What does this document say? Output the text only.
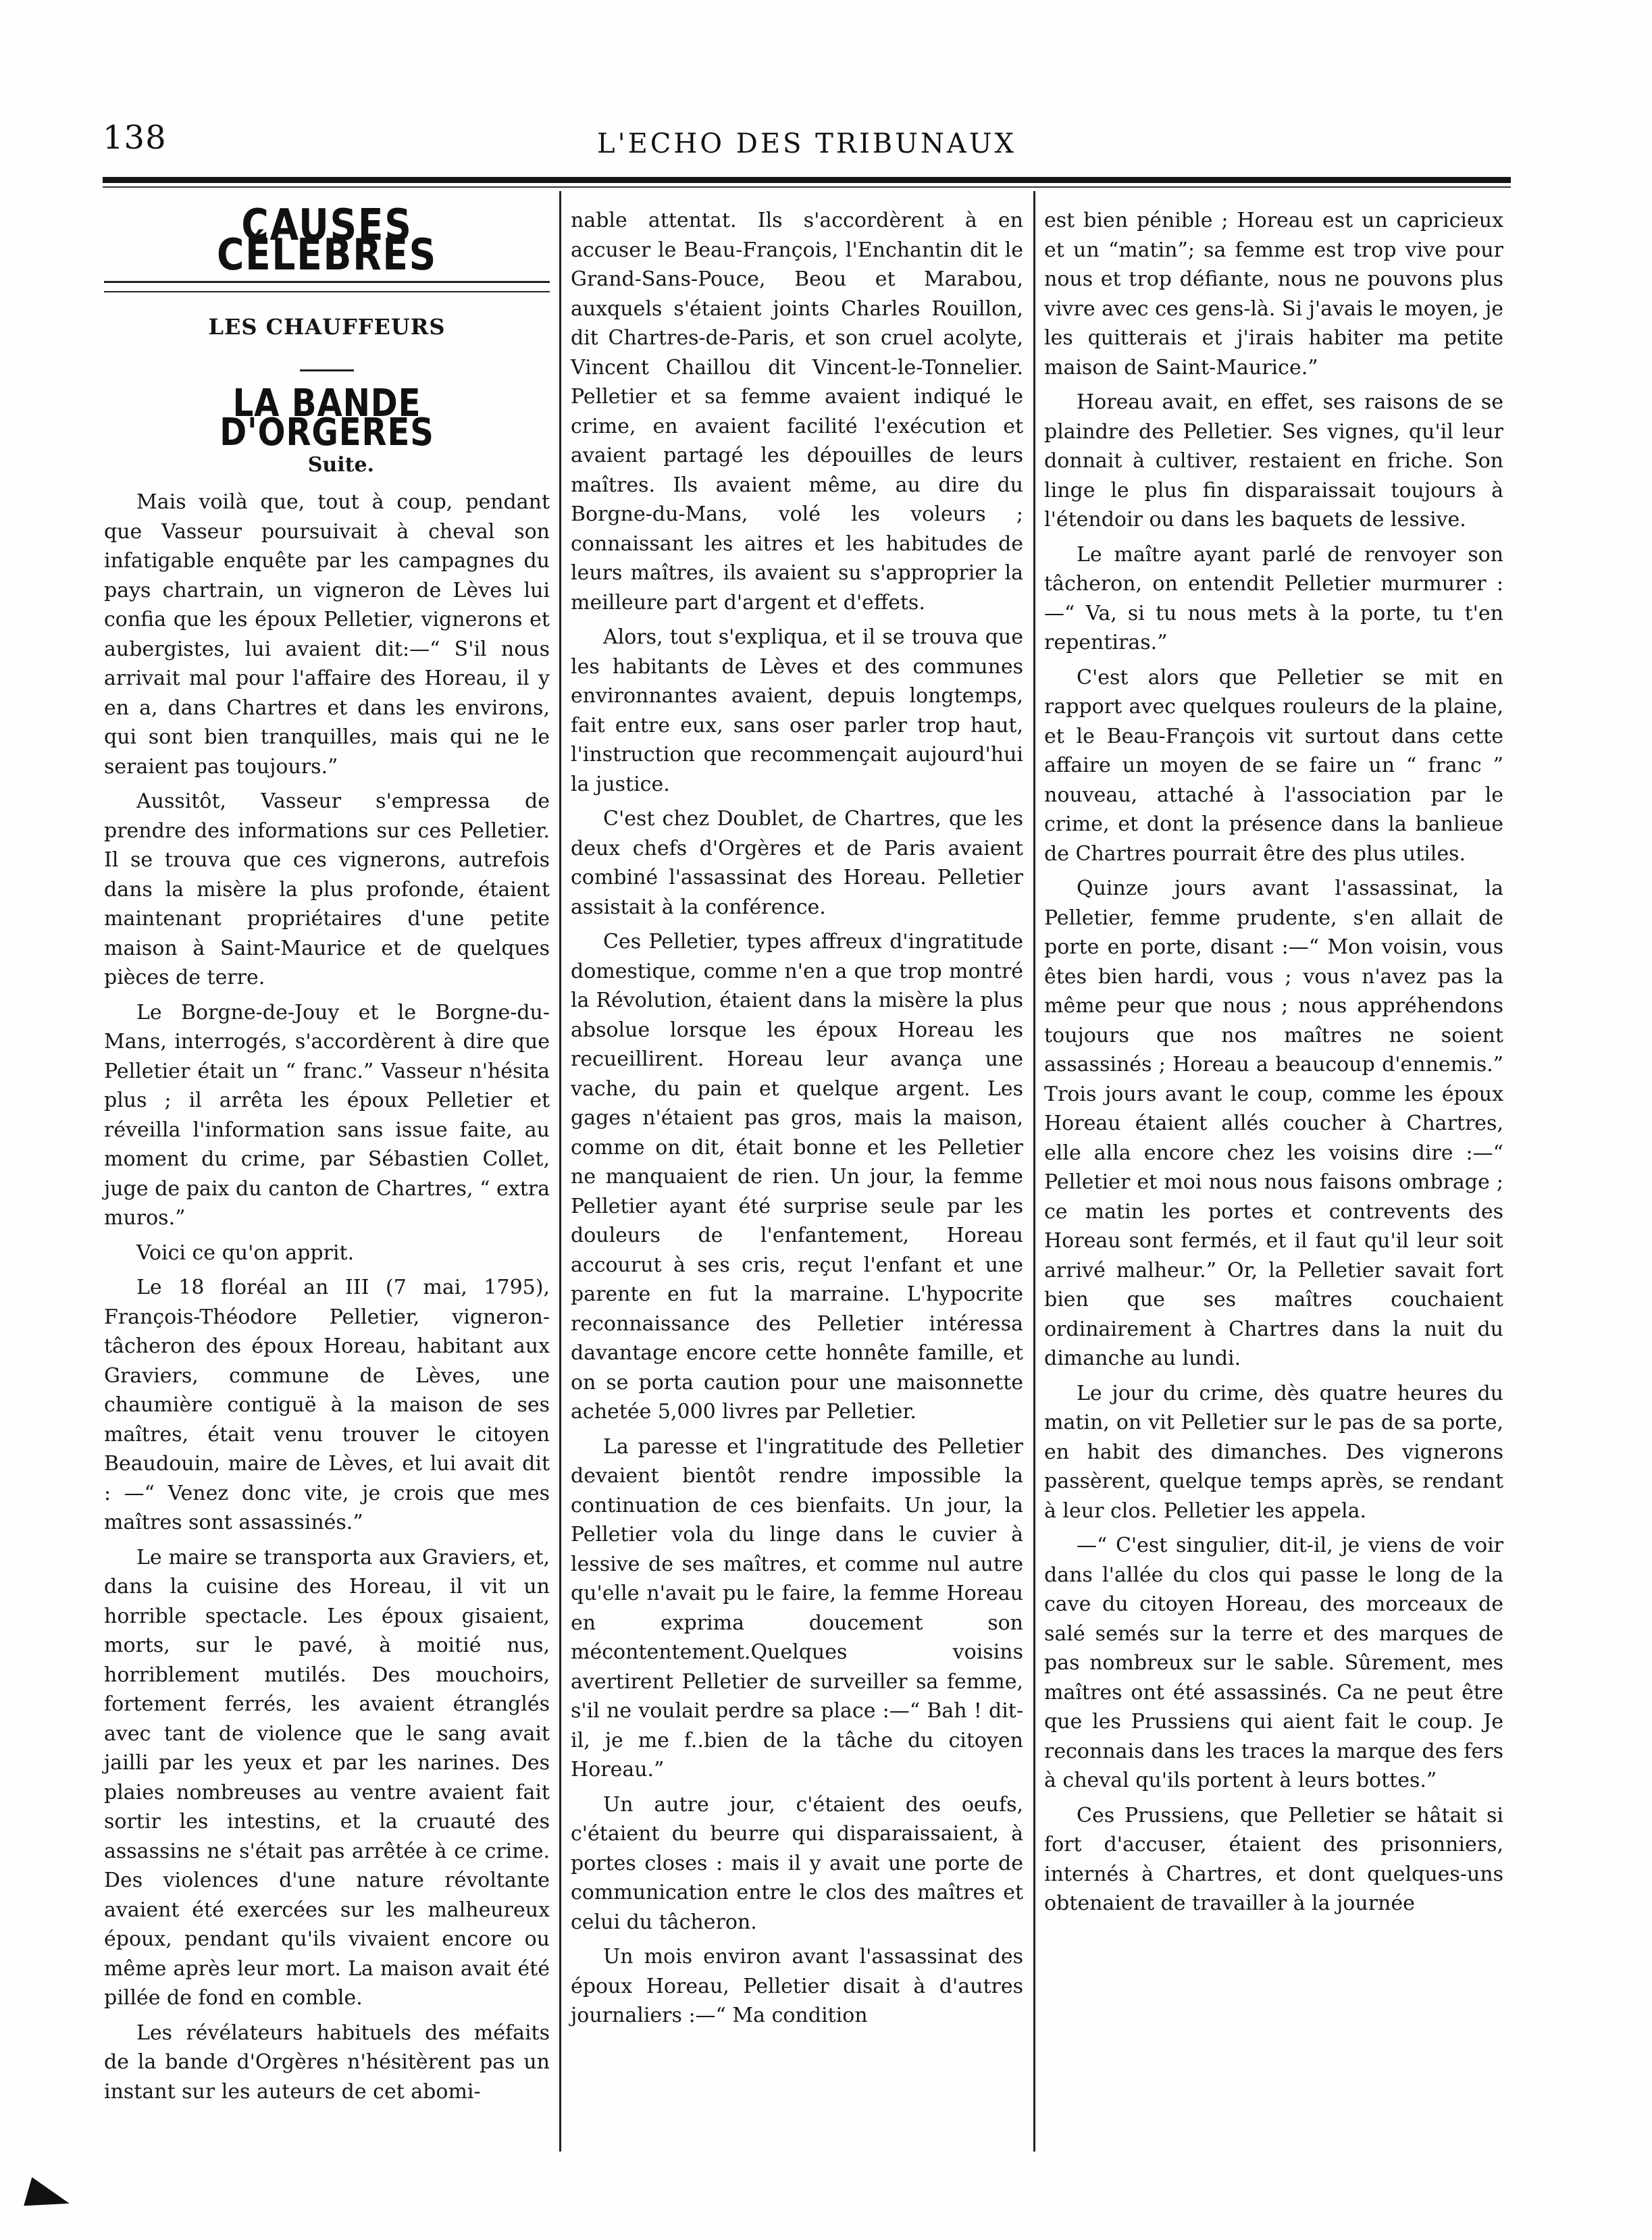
138	L'ECHO DES TRIBUNAUX
CAUSES CÉLÈBRES
LES CHAUFFEURS
LA BANDE D'ORGERES
Suite.

Mais voilà que, tout à coup, pendant que Vasseur poursuivait à cheval son infatigable enquête par les campagnes du pays chartrain, un vigneron de Lèves lui confia que les époux Pelletier, vignerons et aubergistes, lui avaient dit:—“ S'il nous arrivait mal pour l'affaire des Horeau, il y en a, dans Chartres et dans les environs, qui sont bien tranquilles, mais qui ne le seraient pas toujours.”

Aussitôt, Vasseur s'empressa de prendre des informations sur ces Pelletier. Il se trouva que ces vignerons, autrefois dans la misère la plus profonde, étaient maintenant propriétaires d'une petite maison à Saint-Maurice et de quelques pièces de terre.

Le Borgne-de-Jouy et le Borgne-du-Mans, interrogés, s'accordèrent à dire que Pelletier était un “ franc.” Vasseur n'hésita plus ; il arrêta les époux Pelletier et réveilla l'information sans issue faite, au moment du crime, par Sébastien Collet, juge de paix du canton de Chartres, “ extra muros.”

Voici ce qu'on apprit.

Le 18 floréal an III (7 mai, 1795), François-Théodore Pelletier, vigneron-tâcheron des époux Horeau, habitant aux Graviers, commune de Lèves, une chaumière contiguë à la maison de ses maîtres, était venu trouver le citoyen Beaudouin, maire de Lèves, et lui avait dit : —“ Venez donc vite, je crois que mes maîtres sont assassinés.”

Le maire se transporta aux Graviers, et, dans la cuisine des Horeau, il vit un horrible spectacle. Les époux gisaient, morts, sur le pavé, à moitié nus, horriblement mutilés. Des mouchoirs, fortement ferrés, les avaient étranglés avec tant de violence que le sang avait jailli par les yeux et par les narines. Des plaies nombreuses au ventre avaient fait sortir les intestins, et la cruauté des assassins ne s'était pas arrêtée à ce crime. Des violences d'une nature révoltante avaient été exercées sur les malheureux époux, pendant qu'ils vivaient encore ou même après leur mort. La maison avait été pillée de fond en comble.

Les révélateurs habituels des méfaits de la bande d'Orgères n'hésitèrent pas un instant sur les auteurs de cet abomi-

nable attentat. Ils s'accordèrent à en accuser le Beau-François, l'Enchantin dit le Grand-Sans-Pouce, Beou et Marabou, auxquels s'étaient joints Charles Rouillon, dit Chartres-de-Paris, et son cruel acolyte, Vincent Chaillou dit Vincent-le-Tonnelier. Pelletier et sa femme avaient indiqué le crime, en avaient facilité l'exécution et avaient partagé les dépouilles de leurs maîtres. Ils avaient même, au dire du Borgne-du-Mans, volé les voleurs ; connaissant les aitres et les habitudes de leurs maîtres, ils avaient su s'approprier la meilleure part d'argent et d'effets.

Alors, tout s'expliqua, et il se trouva que les habitants de Lèves et des communes environnantes avaient, depuis longtemps, fait entre eux, sans oser parler trop haut, l'instruction que recommençait aujourd'hui la justice.

C'est chez Doublet, de Chartres, que les deux chefs d'Orgères et de Paris avaient combiné l'assassinat des Horeau. Pelletier assistait à la conférence.

Ces Pelletier, types affreux d'ingratitude domestique, comme n'en a que trop montré la Révolution, étaient dans la misère la plus absolue lorsque les époux Horeau les recueillirent. Horeau leur avança une vache, du pain et quelque argent. Les gages n'étaient pas gros, mais la maison, comme on dit, était bonne et les Pelletier ne manquaient de rien. Un jour, la femme Pelletier ayant été surprise seule par les douleurs de l'enfantement, Horeau accourut à ses cris, reçut l'enfant et une parente en fut la marraine. L'hypocrite reconnaissance des Pelletier intéressa davantage encore cette honnête famille, et on se porta caution pour une maisonnette achetée 5,000 livres par Pelletier.

La paresse et l'ingratitude des Pelletier devaient bientôt rendre impossible la continuation de ces bienfaits. Un jour, la Pelletier vola du linge dans le cuvier à lessive de ses maîtres, et comme nul autre qu'elle n'avait pu le faire, la femme Horeau en exprima doucement son mécontentement.Quelques voisins avertirent Pelletier de surveiller sa femme, s'il ne voulait perdre sa place :—“ Bah ! dit-il, je me f..bien de la tâche du citoyen Horeau.”

Un autre jour, c'étaient des oeufs, c'étaient du beurre qui disparaissaient, à portes closes : mais il y avait une porte de communication entre le clos des maîtres et celui du tâcheron.

Un mois environ avant l'assassinat des époux Horeau, Pelletier disait à d'autres journaliers :—“ Ma condition

est bien pénible ; Horeau est un capricieux et un “matin”; sa femme est trop vive pour nous et trop défiante, nous ne pouvons plus vivre avec ces gens-là. Si j'avais le moyen, je les quitterais et j'irais habiter ma petite maison de Saint-Maurice.”

Horeau avait, en effet, ses raisons de se plaindre des Pelletier. Ses vignes, qu'il leur donnait à cultiver, restaient en friche. Son linge le plus fin disparaissait toujours à l'étendoir ou dans les baquets de lessive.

Le maître ayant parlé de renvoyer son tâcheron, on entendit Pelletier murmurer :—“ Va, si tu nous mets à la porte, tu t'en repentiras.”

C'est alors que Pelletier se mit en rapport avec quelques rouleurs de la plaine, et le Beau-François vit surtout dans cette affaire un moyen de se faire un “ franc ” nouveau, attaché à l'association par le crime, et dont la présence dans la banlieue de Chartres pourrait être des plus utiles.

Quinze jours avant l'assassinat, la Pelletier, femme prudente, s'en allait de porte en porte, disant :—“ Mon voisin, vous êtes bien hardi, vous ; vous n'avez pas la même peur que nous ; nous appréhendons toujours que nos maîtres ne soient assassinés ; Horeau a beaucoup d'ennemis.” Trois jours avant le coup, comme les époux Horeau étaient allés coucher à Chartres, elle alla encore chez les voisins dire :—“ Pelletier et moi nous nous faisons ombrage ; ce matin les portes et contrevents des Horeau sont fermés, et il faut qu'il leur soit arrivé malheur.” Or, la Pelletier savait fort bien que ses maîtres couchaient ordinairement à Chartres dans la nuit du dimanche au lundi.

Le jour du crime, dès quatre heures du matin, on vit Pelletier sur le pas de sa porte, en habit des dimanches. Des vignerons passèrent, quelque temps après, se rendant à leur clos. Pelletier les appela.

—“ C'est singulier, dit-il, je viens de voir dans l'allée du clos qui passe le long de la cave du citoyen Horeau, des morceaux de salé semés sur la terre et des marques de pas nombreux sur le sable. Sûrement, mes maîtres ont été assassinés. Ca ne peut être que les Prussiens qui aient fait le coup. Je reconnais dans les traces la marque des fers à cheval qu'ils portent à leurs bottes.”

Ces Prussiens, que Pelletier se hâtait si fort d'accuser, étaient des prisonniers, internés à Chartres, et dont quelques-uns obtenaient de travailler à la journée
